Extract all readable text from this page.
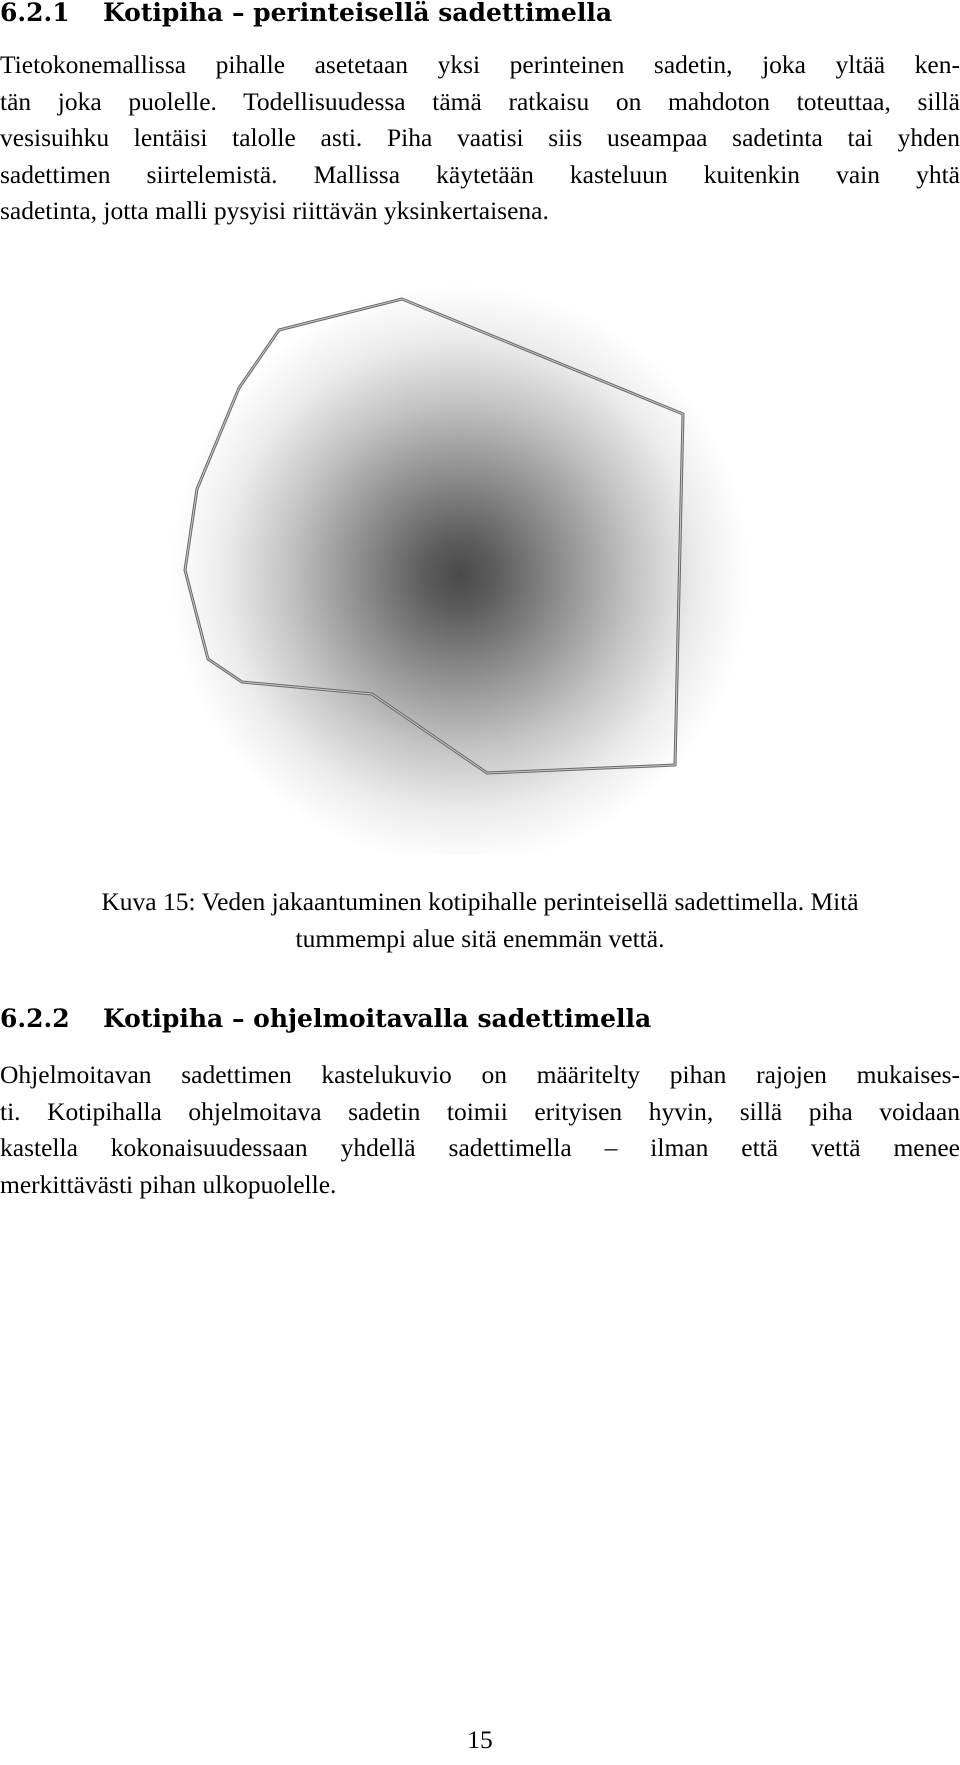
6.2.1 Kotipiha – perinteisellä sadettimella

Tietokonemallissa pihalle asetetaan yksi perinteinen sadetin, joka yltää ken-
tän joka puolelle. Todellisuudessa tämä ratkaisu on mahdoton toteuttaa, sillä
vesisuihku lentäisi talolle asti. Piha vaatisi siis useampaa sadetinta tai yhden
sadettimen siirtelemistä. Mallissa käytetään kasteluun kuitenkin vain yhtä
sadetinta, jotta malli pysyisi riittävän yksinkertaisena.

Kuva 15: Veden jakaantuminen kotipihalle perinteisellä sadettimella. Mitä
tummempi alue sitä enemmän vettä.

6.2.2 Kotipiha – ohjelmoitavalla sadettimella

Ohjelmoitavan sadettimen kastelukuvio on määritelty pihan rajojen mukaises-
ti. Kotipihalla ohjelmoitava sadetin toimii erityisen hyvin, sillä piha voidaan
kastella kokonaisuudessaan yhdellä sadettimella – ilman että vettä menee
merkittävästi pihan ulkopuolelle.

15
